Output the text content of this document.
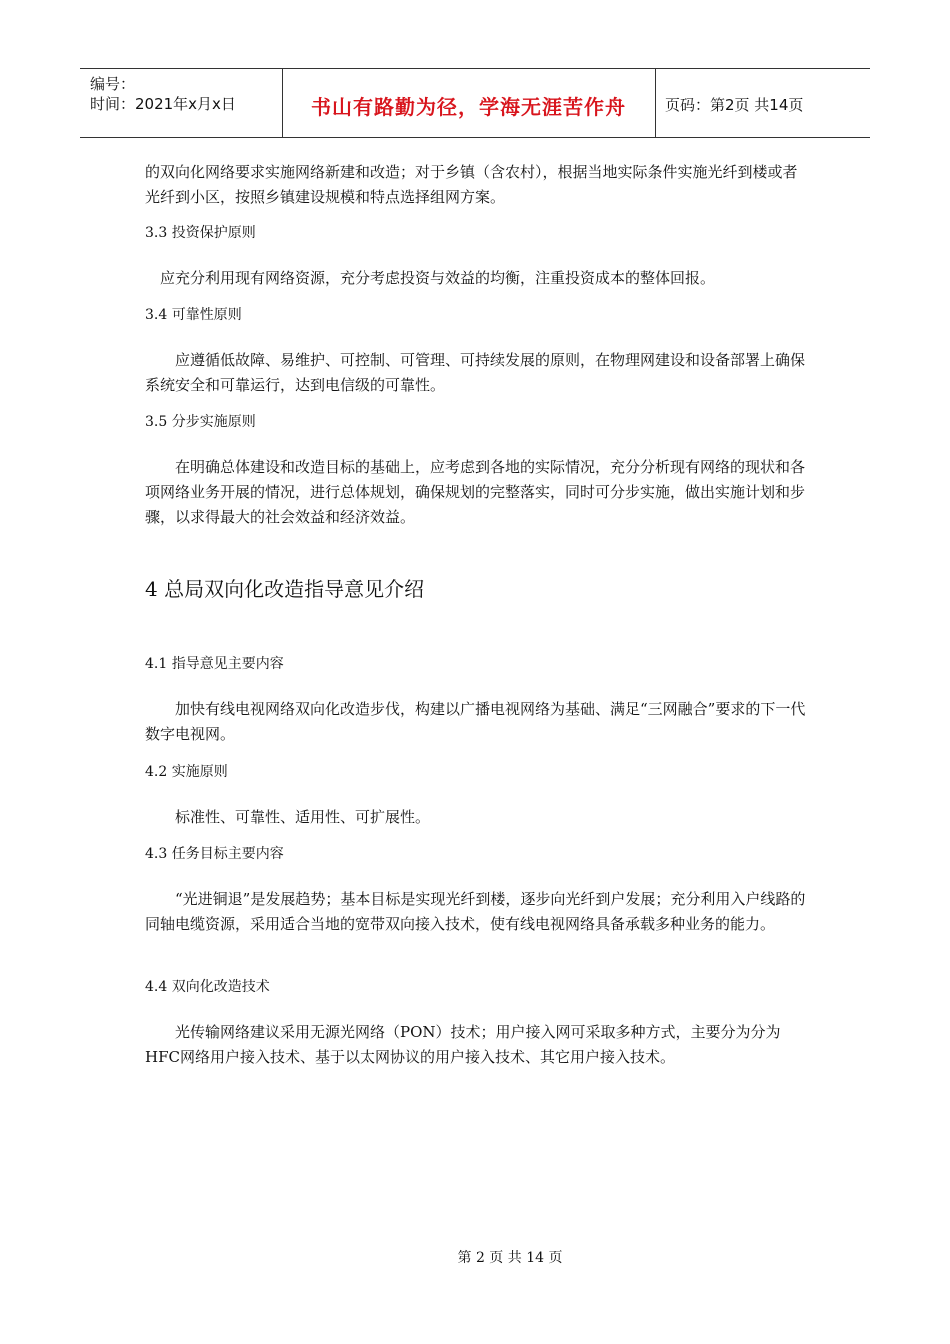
编号：
时间：2021年x月x日	书山有路勤为径，学海无涯苦作舟	页码：第2页 共14页

的双向化网络要求实施网络新建和改造；对于乡镇（含农村），根据当地实际条件实施光纤到楼或者光纤到小区，按照乡镇建设规模和特点选择组网方案。

3.3 投资保护原则

应充分利用现有网络资源，充分考虑投资与效益的均衡，注重投资成本的整体回报。

3.4 可靠性原则

应遵循低故障、易维护、可控制、可管理、可持续发展的原则，在物理网建设和设备部署上确保系统安全和可靠运行，达到电信级的可靠性。

3.5 分步实施原则

在明确总体建设和改造目标的基础上，应考虑到各地的实际情况，充分分析现有网络的现状和各项网络业务开展的情况，进行总体规划，确保规划的完整落实，同时可分步实施，做出实施计划和步骤，以求得最大的社会效益和经济效益。

4 总局双向化改造指导意见介绍
4.1 指导意见主要内容

加快有线电视网络双向化改造步伐，构建以广播电视网络为基础、满足“三网融合”要求的下一代数字电视网。

4.2 实施原则

标准性、可靠性、适用性、可扩展性。

4.3 任务目标主要内容

“光进铜退”是发展趋势；基本目标是实现光纤到楼，逐步向光纤到户发展；充分利用入户线路的同轴电缆资源，采用适合当地的宽带双向接入技术，使有线电视网络具备承载多种业务的能力。

4.4 双向化改造技术

光传输网络建议采用无源光网络（PON）技术；用户接入网可采取多种方式，主要分为分为HFC网络用户接入技术、基于以太网协议的用户接入技术、其它用户接入技术。

第 2 页 共 14 页
